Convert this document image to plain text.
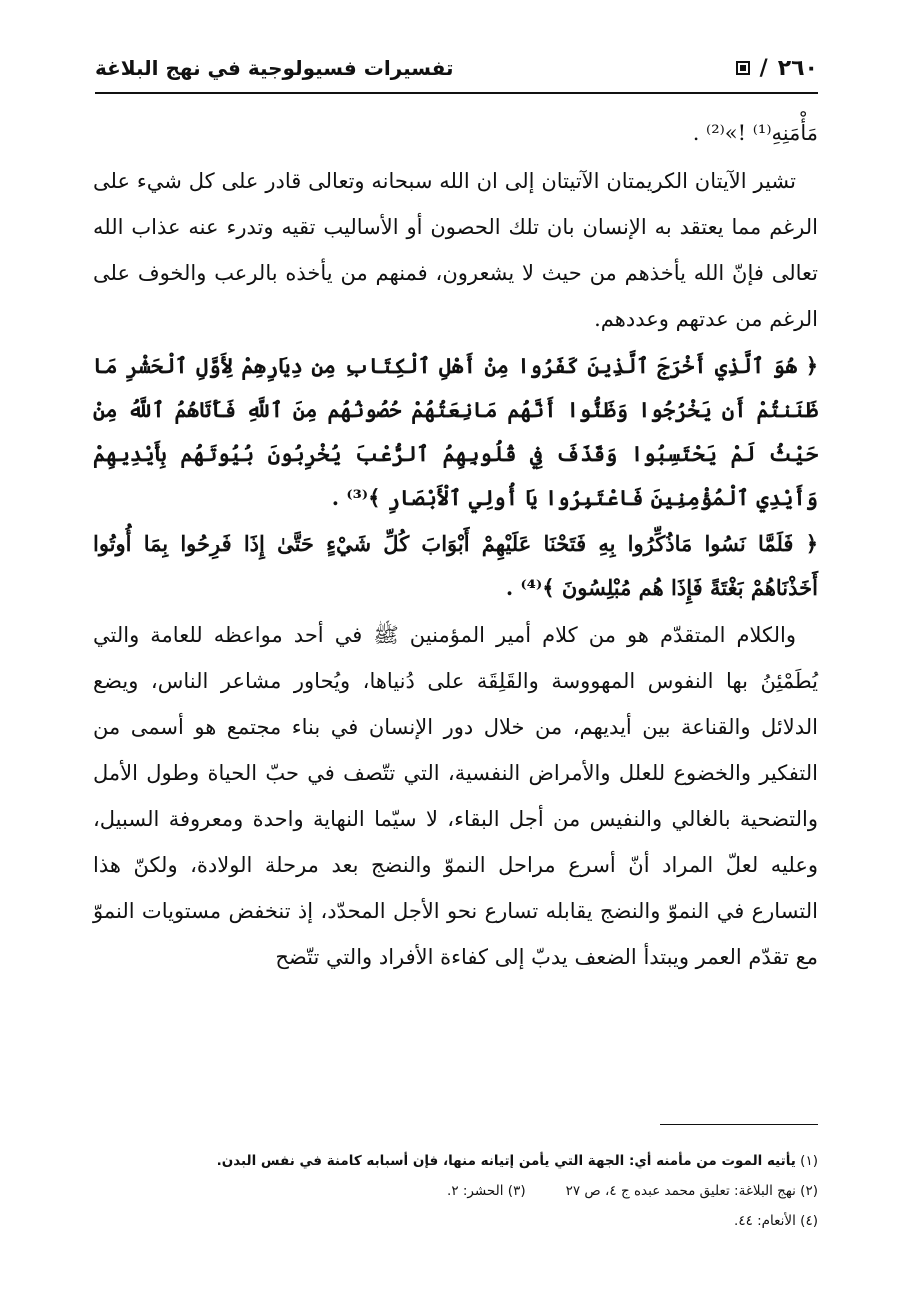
٢٦٠
/
تفسيرات فسيولوجية في نهج البلاغة

مَأْمَنِهِ⁽¹⁾ !»⁽²⁾ .

تشير الآيتان الكريمتان الآتيتان إلى ان الله سبحانه وتعالى قادر على كل شيء على الرغم مما يعتقد به الإنسان بان تلك الحصون أو الأساليب تقيه وتدرء عنه عذاب الله تعالى فإنّ الله يأخذهم من حيث لا يشعرون، فمنهم من يأخذه بالرعب والخوف على الرغم من عدتهم وعددهم.

﴿ هُوَ ٱلَّذِي أَخْرَجَ ٱلَّذِينَ كَفَرُوا مِنْ أَهْلِ ٱلْكِتَابِ مِن دِيَارِهِمْ لِأَوَّلِ ٱلْحَشْرِ مَا ظَنَنتُمْ أَن يَخْرُجُوا وَظَنُّوا أَنَّهُم مَانِعَتُهُمْ حُصُونُهُم مِنَ ٱللَّهِ فَأَتَاهُمُ ٱللَّهُ مِنْ حَيْثُ لَمْ يَحْتَسِبُوا وَقَذَفَ فِي قُلُوبِهِمُ ٱلرُّعْبَ يُخْرِبُونَ بُيُوتَهُم بِأَيْدِيهِمْ وَأَيْدِي ٱلْمُؤْمِنِينَ فَاعْتَبِرُوا يَا أُولِي ٱلْأَبْصَارِ ﴾⁽³⁾ .

﴿ فَلَمَّا نَسُوا مَاذُكِّرُوا بِهِ فَتَحْنَا عَلَيْهِمْ أَبْوَابَ كُلِّ شَيْءٍ حَتَّىٰ إِذَا فَرِحُوا بِمَا أُوتُوا أَخَذْنَاهُمْ بَغْتَةً فَإِذَا هُم مُبْلِسُونَ ﴾⁽⁴⁾ .

والكلام المتقدّم هو من كلام أمير المؤمنين ﷺ في أحد مواعظه للعامة والتي يُطَمْئِنُ بها النفوس المهووسة والقَلِقَة على دُنياها، ويُحاور مشاعر الناس، ويضع الدلائل والقناعة بين أيديهم، من خلال دور الإنسان في بناء مجتمع هو أسمى من التفكير والخضوع للعلل والأمراض النفسية، التي تتّصف في حبّ الحياة وطول الأمل والتضحية بالغالي والنفيس من أجل البقاء، لا سيّما النهاية واحدة ومعروفة السبيل، وعليه لعلّ المراد أنّ أسرع مراحل النموّ والنضج بعد مرحلة الولادة، ولكنّ هذا التسارع في النموّ والنضج يقابله تسارع نحو الأجل المحدّد، إذ تنخفض مستويات النموّ مع تقدّم العمر ويبتدأ الضعف يدبّ إلى كفاءة الأفراد والتي تتّضح

(١) يأتيه الموت من مأمنه أي: الجهة التي يأمن إتيانه منها، فإن أسبابه كامنة في نفس البدن.
(٢) نهج البلاغة: تعليق محمد عبده ج ٤، ص ٢٧
(٣) الحشر: ٢.
(٤) الأنعام: ٤٤.
